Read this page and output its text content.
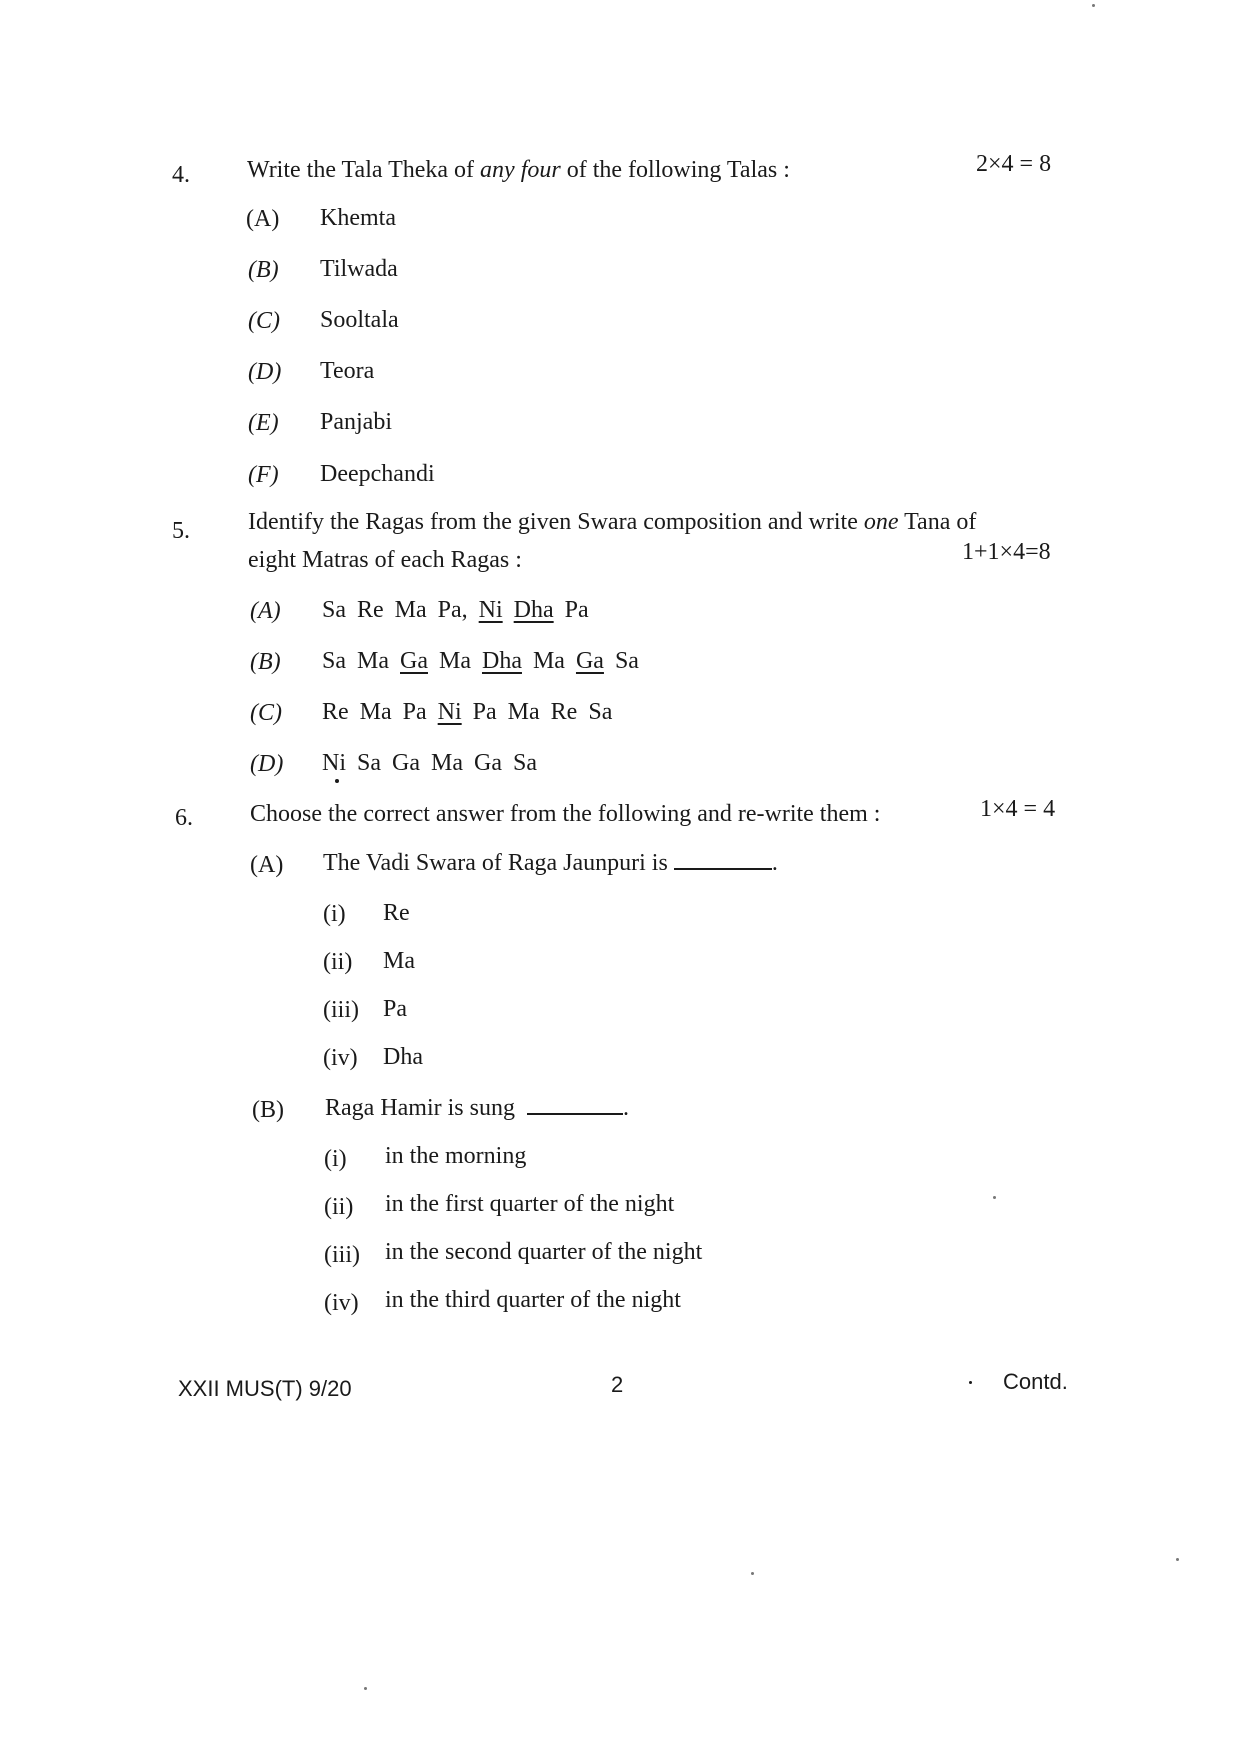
4. Write the Tala Theka of any four of the following Talas :	2×4 = 8
(A) Khemta
(B) Tilwada
(C) Sooltala
(D) Teora
(E) Panjabi
(F) Deepchandi
5. Identify the Ragas from the given Swara composition and write one Tana of
eight Matras of each Ragas :	1+1×4=8
(A) Sa Re Ma Pa, Ni Dha Pa
(B) Sa Ma Ga Ma Dha Ma Ga Sa
(C) Re Ma Pa Ni Pa Ma Re Sa
(D) Ni Sa Ga Ma Ga Sa
6. Choose the correct answer from the following and re-write them :	1×4 = 4
(A) The Vadi Swara of Raga Jaunpuri is	.
(i) Re
(ii) Ma
(iii) Pa
(iv) Dha
(B) Raga Hamir is sung	.
(i) in the morning
(ii) in the first quarter of the night
(iii) in the second quarter of the night
(iv) in the third quarter of the night
XXII MUS(T) 9/20	2	Contd.
